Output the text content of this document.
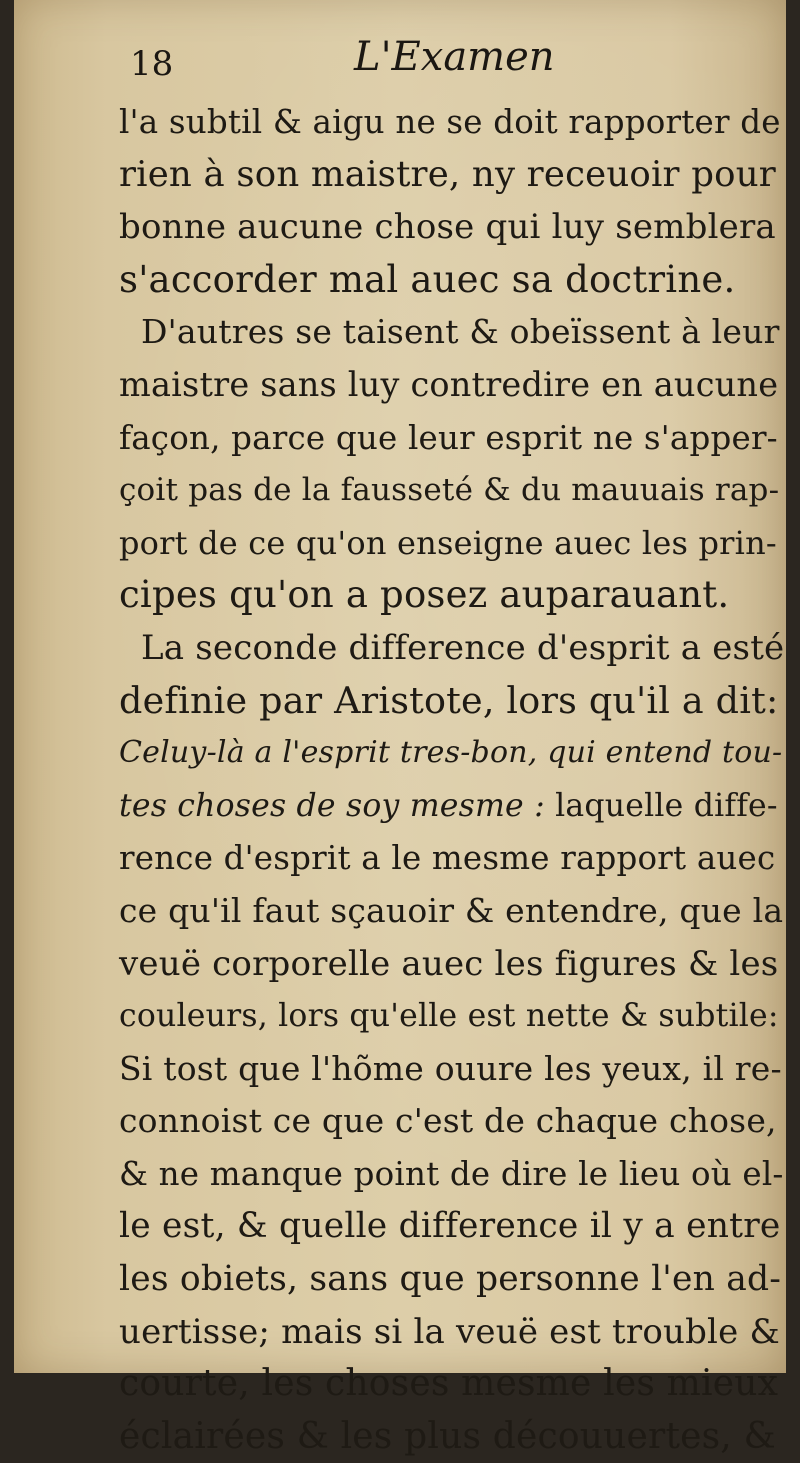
18	L'Examen
l'a subtil & aigu ne se doit rapporter de
rien à son maistre, ny receuoir pour
bonne aucune chose qui luy semblera
s'accorder mal auec sa doctrine.
D'autres se taisent & obeïssent à leur
maistre sans luy contredire en aucune
façon, parce que leur esprit ne s'apper-
çoit pas de la fausseté & du mauuais rap-
port de ce qu'on enseigne auec les prin-
cipes qu'on a posez auparauant.
La seconde difference d'esprit a esté
definie par Aristote, lors qu'il a dit:
Celuy-là a l'esprit tres-bon, qui entend tou-
tes choses de soy mesme : laquelle diffe-
rence d'esprit a le mesme rapport auec
ce qu'il faut sçauoir & entendre, que la
veuë corporelle auec les figures & les
couleurs, lors qu'elle est nette & subtile:
Si tost que l'hõme ouure les yeux, il re-
connoist ce que c'est de chaque chose,
& ne manque point de dire le lieu où el-
le est, & quelle difference il y a entre
les obiets, sans que personne l'en ad-
uertisse; mais si la veuë est trouble &
courte, les choses mesme les mieux
éclairées & les plus découuertes, &
